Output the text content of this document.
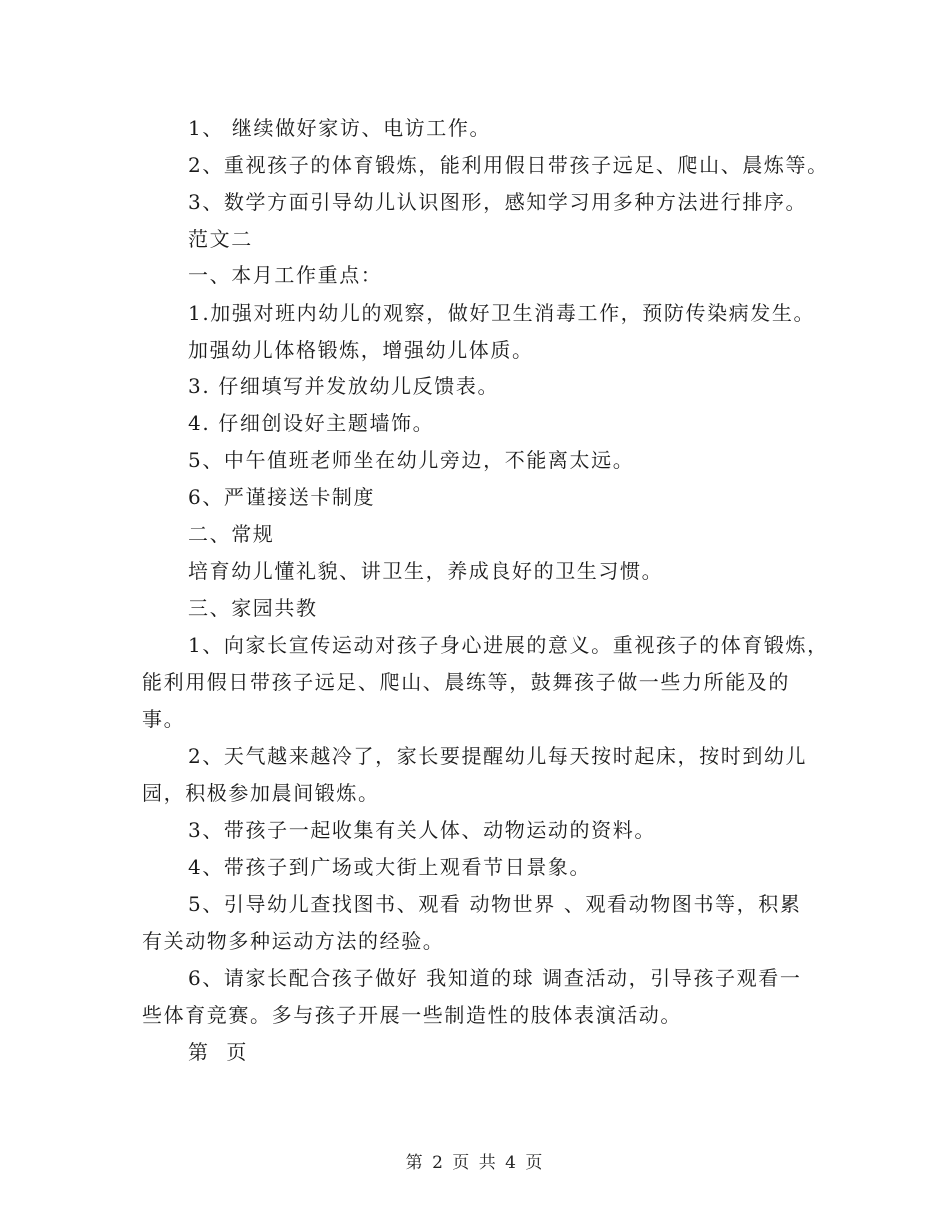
1、 继续做好家访、电访工作。
2、重视孩子的体育锻炼，能利用假日带孩子远足、爬山、晨炼等。
3、数学方面引导幼儿认识图形，感知学习用多种方法进行排序。
范文二
一、本月工作重点：
1.加强对班内幼儿的观察，做好卫生消毒工作，预防传染病发生。
加强幼儿体格锻炼，增强幼儿体质。
3. 仔细填写并发放幼儿反馈表。
4. 仔细创设好主题墙饰。
5、中午值班老师坐在幼儿旁边，不能离太远。
6、严谨接送卡制度
二、常规
培育幼儿懂礼貌、讲卫生，养成良好的卫生习惯。
三、家园共教
1、向家长宣传运动对孩子身心进展的意义。重视孩子的体育锻炼，
能利用假日带孩子远足、爬山、晨练等，鼓舞孩子做一些力所能及的
事。
2、天气越来越冷了，家长要提醒幼儿每天按时起床，按时到幼儿
园，积极参加晨间锻炼。
3、带孩子一起收集有关人体、动物运动的资料。
4、带孩子到广场或大街上观看节日景象。
5、引导幼儿查找图书、观看 动物世界 、观看动物图书等，积累
有关动物多种运动方法的经验。
6、请家长配合孩子做好 我知道的球 调查活动，引导孩子观看一
些体育竞赛。多与孩子开展一些制造性的肢体表演活动。
第 页
第 2 页 共 4 页
